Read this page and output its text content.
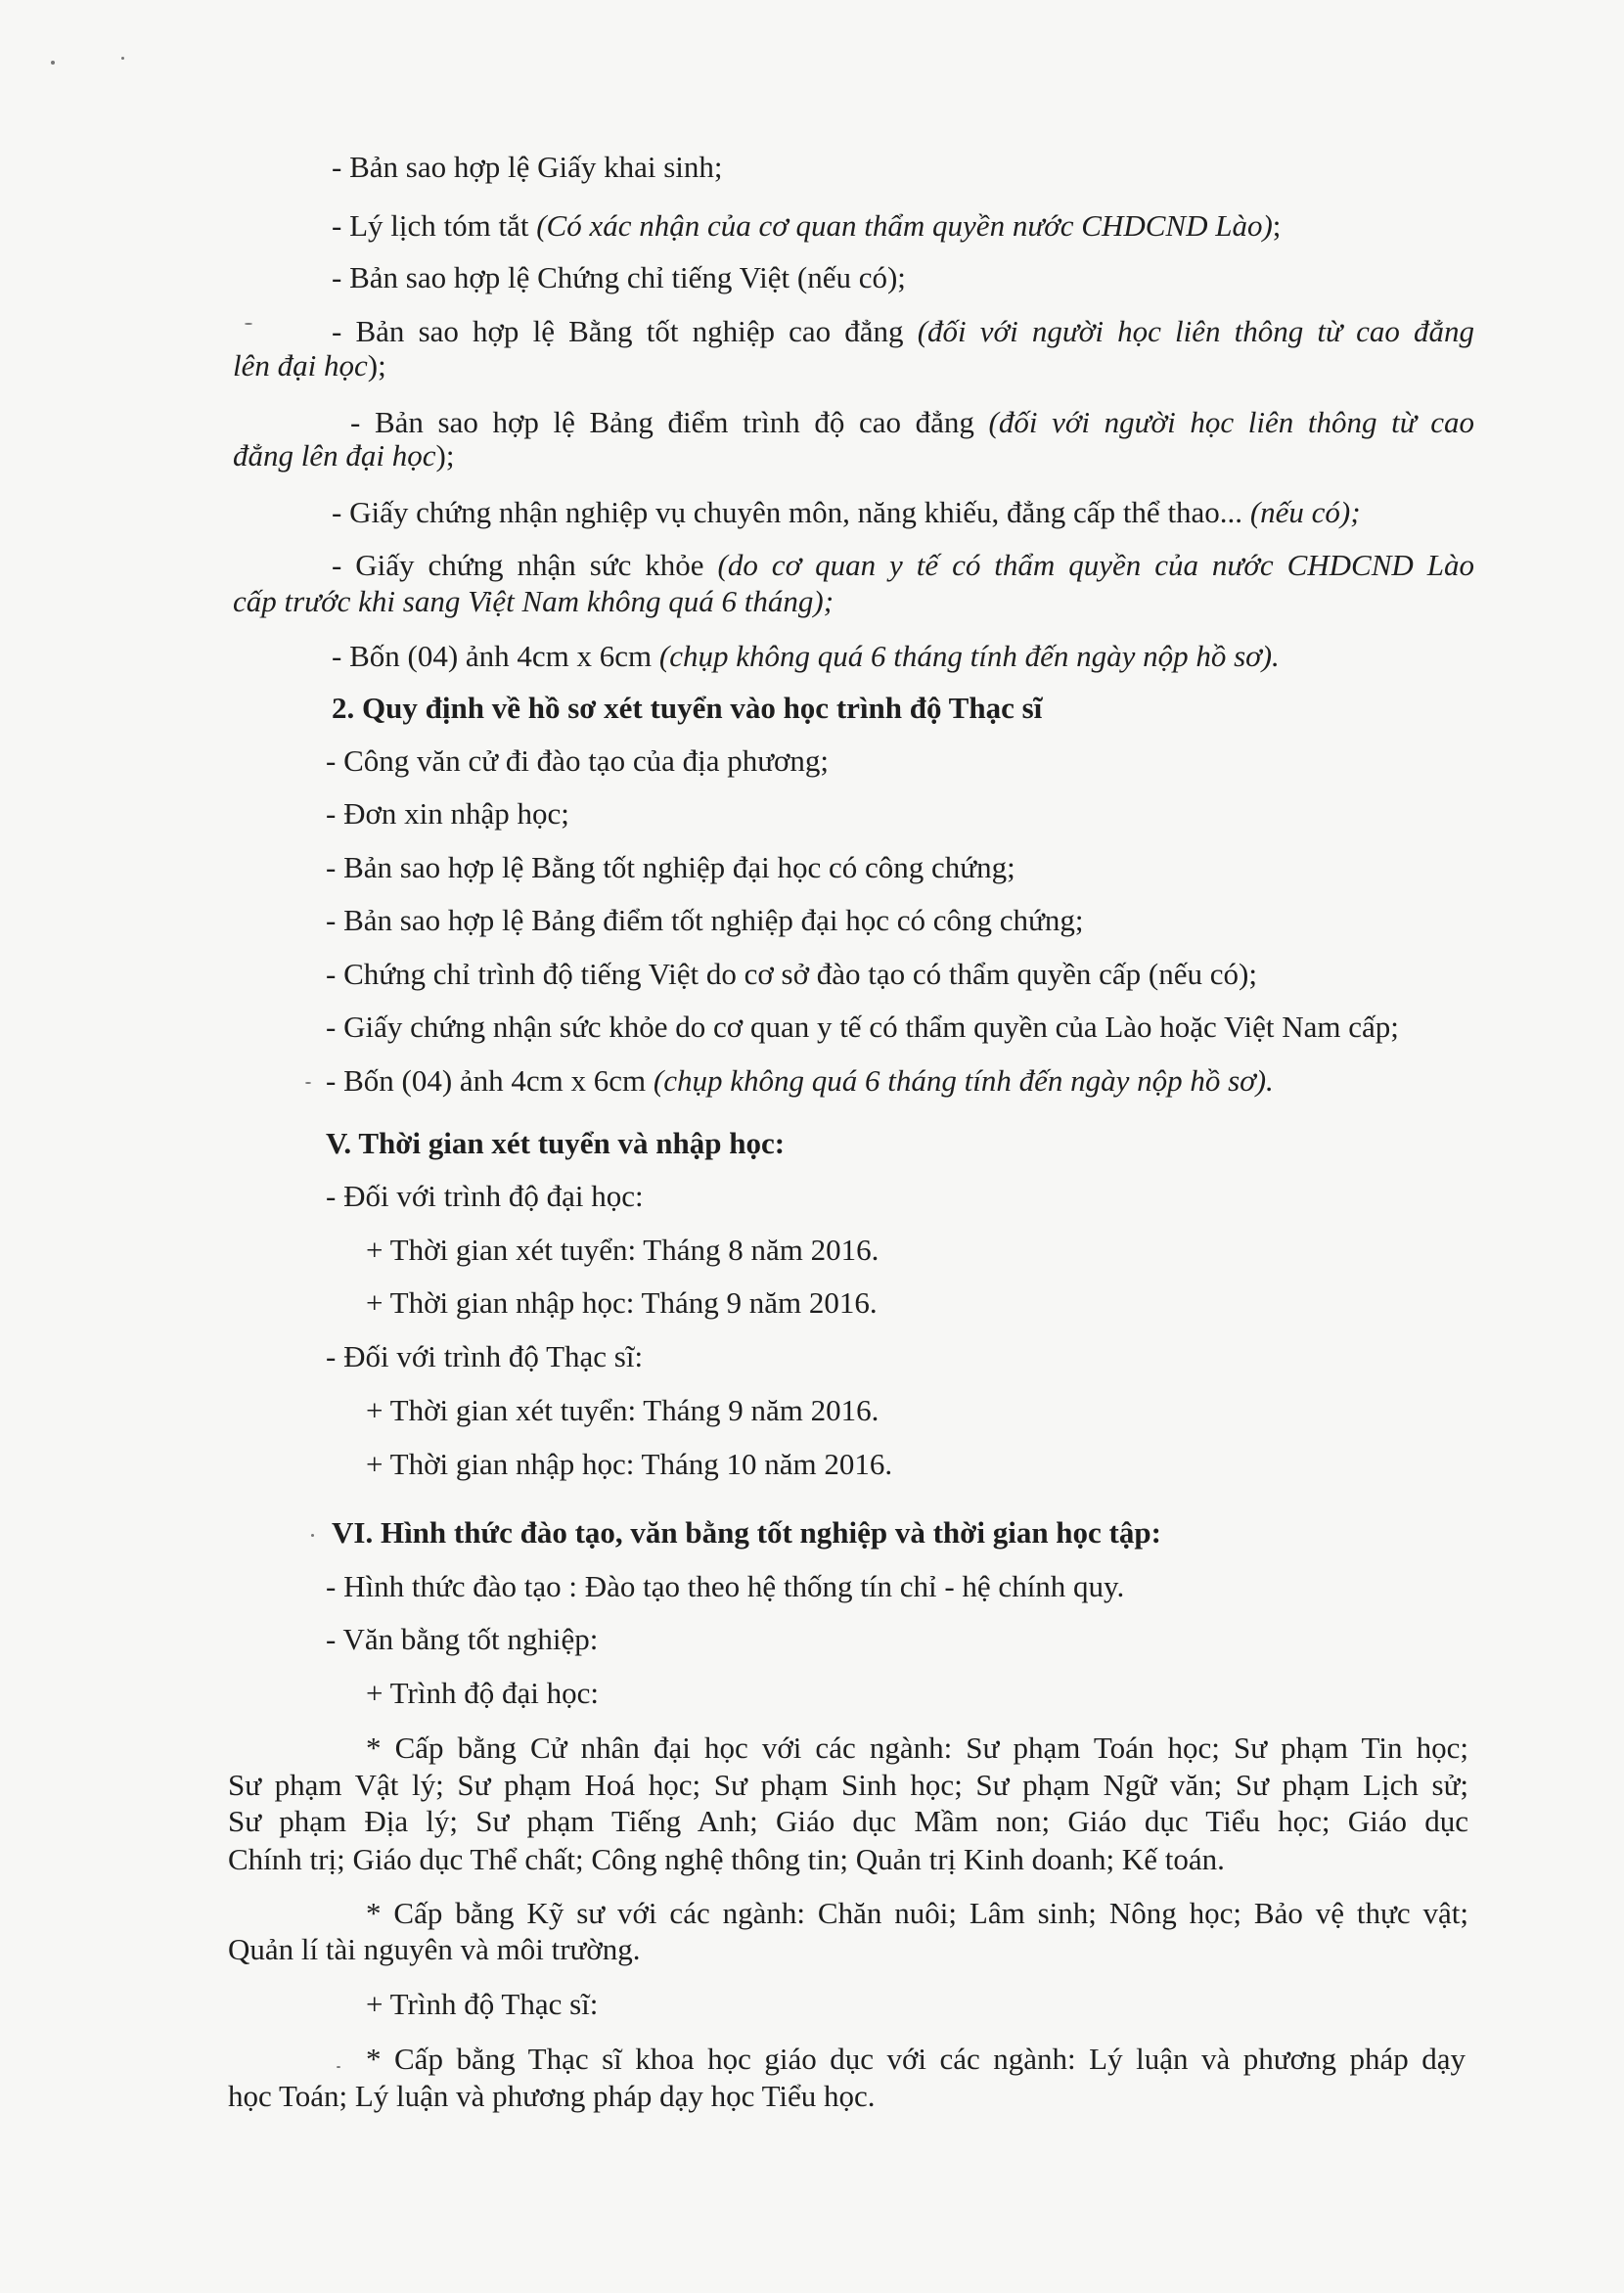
- Bản sao hợp lệ Giấy khai sinh;
- Lý lịch tóm tắt (Có xác nhận của cơ quan thẩm quyền nước CHDCND Lào);
- Bản sao hợp lệ Chứng chỉ tiếng Việt (nếu có);
- Bản sao hợp lệ Bằng tốt nghiệp cao đẳng (đối với người học liên thông từ cao đẳng
lên đại học);
- Bản sao hợp lệ Bảng điểm trình độ cao đẳng (đối với người học liên thông từ cao
đẳng lên đại học);
- Giấy chứng nhận nghiệp vụ chuyên môn, năng khiếu, đẳng cấp thể thao... (nếu có);
- Giấy chứng nhận sức khỏe (do cơ quan y tế có thẩm quyền của nước CHDCND Lào
cấp trước khi sang Việt Nam không quá 6 tháng);
- Bốn (04) ảnh 4cm x 6cm (chụp không quá 6 tháng tính đến ngày nộp hồ sơ).
2. Quy định về hồ sơ xét tuyển vào học trình độ Thạc sĩ
- Công văn cử đi đào tạo của địa phương;
- Đơn xin nhập học;
- Bản sao hợp lệ Bằng tốt nghiệp đại học có công chứng;
- Bản sao hợp lệ Bảng điểm tốt nghiệp đại học có công chứng;
- Chứng chỉ trình độ tiếng Việt do cơ sở đào tạo có thẩm quyền cấp (nếu có);
- Giấy chứng nhận sức khỏe do cơ quan y tế có thẩm quyền của Lào hoặc Việt Nam cấp;
- Bốn (04) ảnh 4cm x 6cm (chụp không quá 6 tháng tính đến ngày nộp hồ sơ).
V. Thời gian xét tuyển và nhập học:
- Đối với trình độ đại học:
+ Thời gian xét tuyển: Tháng 8 năm 2016.
+ Thời gian nhập học: Tháng 9 năm 2016.
- Đối với trình độ Thạc sĩ:
+ Thời gian xét tuyển: Tháng 9 năm 2016.
+ Thời gian nhập học: Tháng 10 năm 2016.
VI. Hình thức đào tạo, văn bằng tốt nghiệp và thời gian học tập:
- Hình thức đào tạo : Đào tạo theo hệ thống tín chỉ - hệ chính quy.
- Văn bằng tốt nghiệp:
+ Trình độ đại học:
* Cấp bằng Cử nhân đại học với các ngành: Sư phạm Toán học; Sư phạm Tin học;
Sư phạm Vật lý; Sư phạm Hoá học; Sư phạm Sinh học; Sư phạm Ngữ văn; Sư phạm Lịch sử;
Sư phạm Địa lý; Sư phạm Tiếng Anh; Giáo dục Mầm non; Giáo dục Tiểu học; Giáo dục
Chính trị; Giáo dục Thể chất; Công nghệ thông tin; Quản trị Kinh doanh; Kế toán.
* Cấp bằng Kỹ sư với các ngành: Chăn nuôi; Lâm sinh; Nông học; Bảo vệ thực vật;
Quản lí tài nguyên và môi trường.
+ Trình độ Thạc sĩ:
* Cấp bằng Thạc sĩ khoa học giáo dục với các ngành: Lý luận và phương pháp dạy
học Toán; Lý luận và phương pháp dạy học Tiểu học.
